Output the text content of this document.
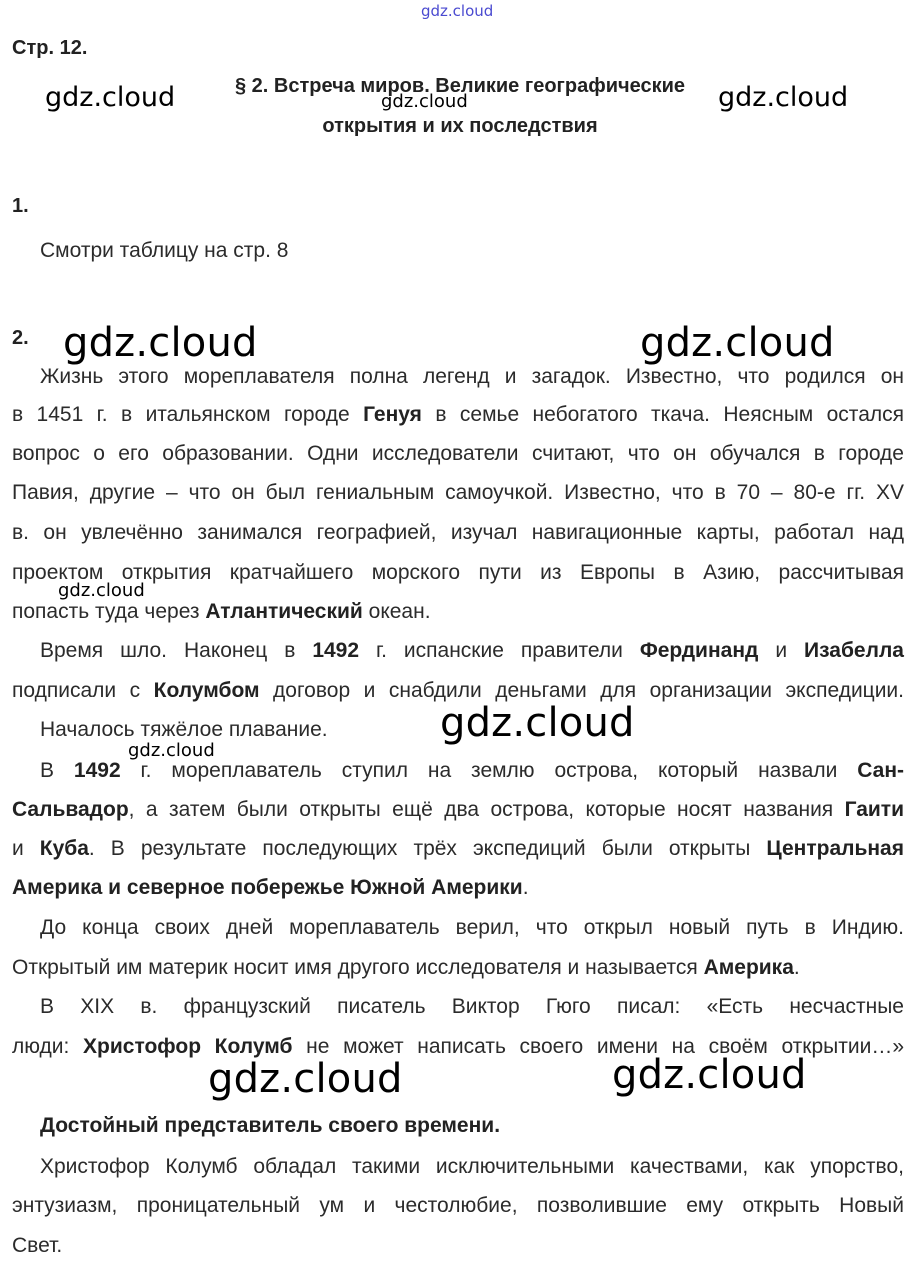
gdz.cloud
Стр. 12.
gdz.cloud	§ 2. Встреча миров. Великие географические
gdz.cloud	gdz.cloud
открытия и их последствия
1.
Смотри таблицу на стр. 8
2. gdz.cloud	gdz.cloud
Жизнь этого мореплавателя полна легенд и загадок. Известно, что родился он
в 1451 г. в итальянском городе Генуя в семье небогатого ткача. Неясным остался
вопрос о его образовании. Одни исследователи считают, что он обучался в городе
Павия, другие – что он был гениальным самоучкой. Известно, что в 70 – 80-е гг. XV
в. он увлечённо занимался географией, изучал навигационные карты, работал над
проектом открытия кратчайшего морского пути из Европы в Азию, рассчитывая
gdz.cloud
попасть туда через Атлантический океан.
Время шло. Наконец в 1492 г. испанские правители Фердинанд и Изабелла
подписали с Колумбом договор и снабдили деньгами для организации экспедиции.
Началось тяжёлое плавание.	gdz.cloud
gdz.cloud
В 1492 г. мореплаватель ступил на землю острова, который назвали Сан-
Сальвадор, а затем были открыты ещё два острова, которые носят названия Гаити
и Куба. В результате последующих трёх экспедиций были открыты Центральная
Америка и северное побережье Южной Америки.
До конца своих дней мореплаватель верил, что открыл новый путь в Индию.
Открытый им материк носит имя другого исследователя и называется Америка.
В XIX в. французский писатель Виктор Гюго писал: «Есть несчастные
люди: Христофор Колумб не может написать своего имени на своём открытии…»
gdz.cloud	gdz.cloud
Достойный представитель своего времени.
Христофор Колумб обладал такими исключительными качествами, как упорство,
энтузиазм, проницательный ум и честолюбие, позволившие ему открыть Новый
Свет.
